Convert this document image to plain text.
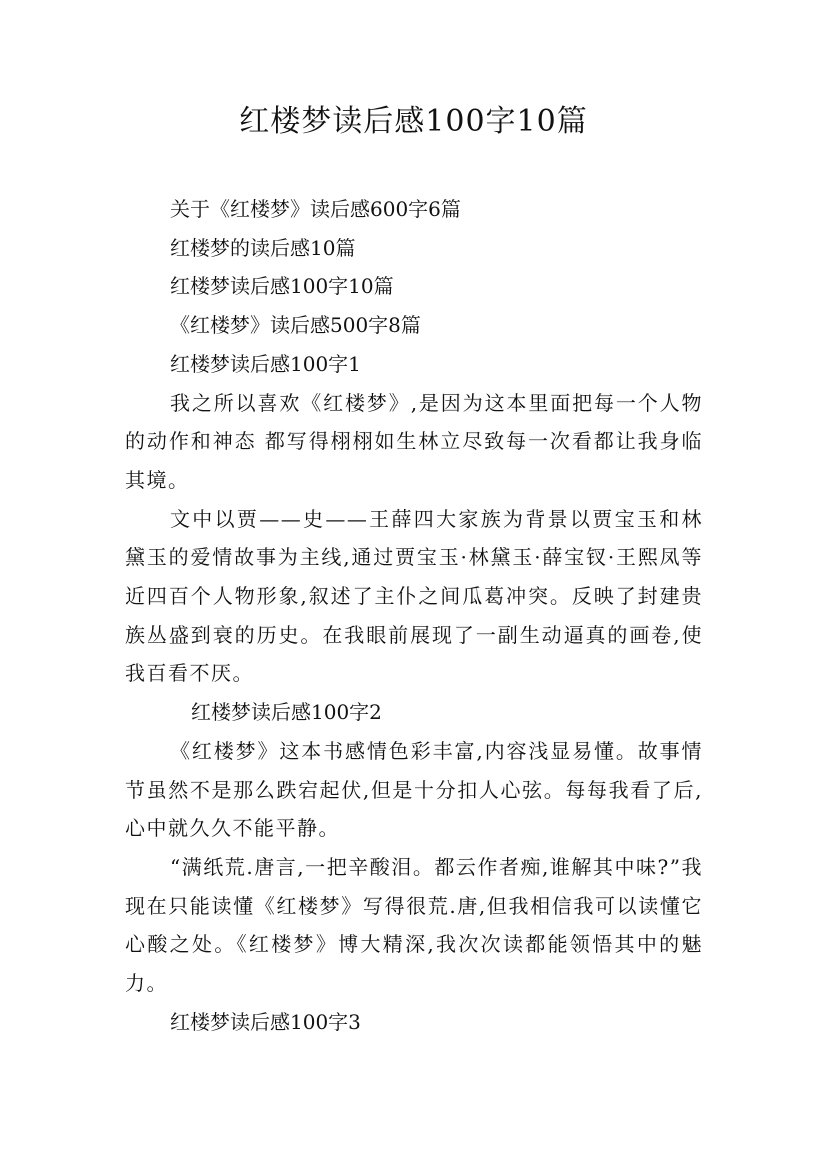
红楼梦读后感100字10篇

关于《红楼梦》读后感600字6篇

红楼梦的读后感10篇

红楼梦读后感100字10篇

《红楼梦》读后感500字8篇

红楼梦读后感100字1

我之所以喜欢《红楼梦》,是因为这本里面把每一个人物的动作和神态 都写得栩栩如生林立尽致每一次看都让我身临其境。

文中以贾——史——王薛四大家族为背景以贾宝玉和林黛玉的爱情故事为主线,通过贾宝玉·林黛玉·薛宝钗·王熙凤等近四百个人物形象,叙述了主仆之间瓜葛冲突。反映了封建贵族丛盛到衰的历史。在我眼前展现了一副生动逼真的画卷,使我百看不厌。

红楼梦读后感100字2

《红楼梦》这本书感情色彩丰富,内容浅显易懂。故事情节虽然不是那么跌宕起伏,但是十分扣人心弦。每每我看了后,心中就久久不能平静。

“满纸荒.唐言,一把辛酸泪。都云作者痴,谁解其中味?”我现在只能读懂《红楼梦》写得很荒.唐,但我相信我可以读懂它心酸之处。《红楼梦》博大精深,我次次读都能领悟其中的魅力。

红楼梦读后感100字3
